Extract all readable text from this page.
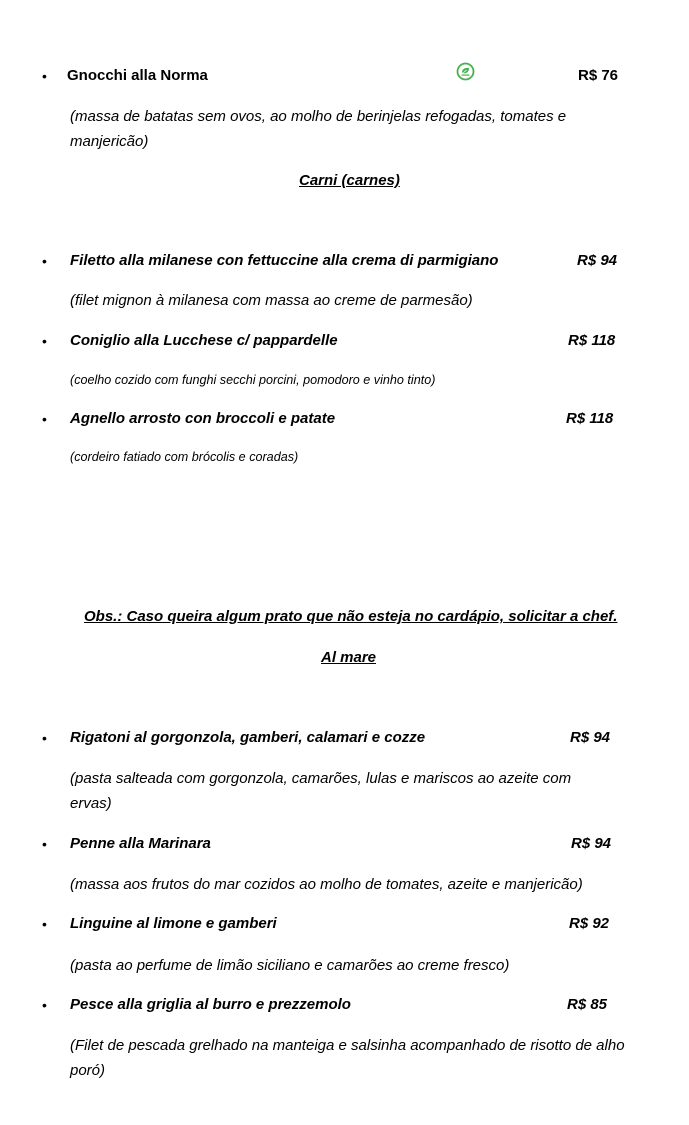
• Gnocchi alla Norma	R$ 76
(massa de batatas sem ovos, ao molho de berinjelas refogadas, tomates e manjericão)
Carni (carnes)
• Filetto alla milanese con fettuccine alla crema di parmigiano	R$ 94
(filet mignon à milanesa com massa ao creme de parmesão)
• Coniglio alla Lucchese c/ pappardelle	R$ 118
(coelho cozido com funghi secchi porcini, pomodoro e vinho tinto)
• Agnello arrosto con broccoli e patate	R$ 118
(cordeiro fatiado com brócolis e coradas)
Obs.: Caso queira algum prato que não esteja no cardápio, solicitar a chef.
Al mare
• Rigatoni al gorgonzola, gamberi, calamari e cozze	R$ 94
(pasta salteada com gorgonzola, camarões, lulas e mariscos ao azeite com ervas)
• Penne alla Marinara	R$ 94
(massa aos frutos do mar cozidos ao molho de tomates, azeite e manjericão)
• Linguine al limone e gamberi	R$ 92
(pasta ao perfume de limão siciliano e camarões ao creme fresco)
• Pesce alla griglia al burro e prezzemolo	R$ 85
(Filet de pescada grelhado na manteiga e salsinha acompanhado de risotto de alho poró)
